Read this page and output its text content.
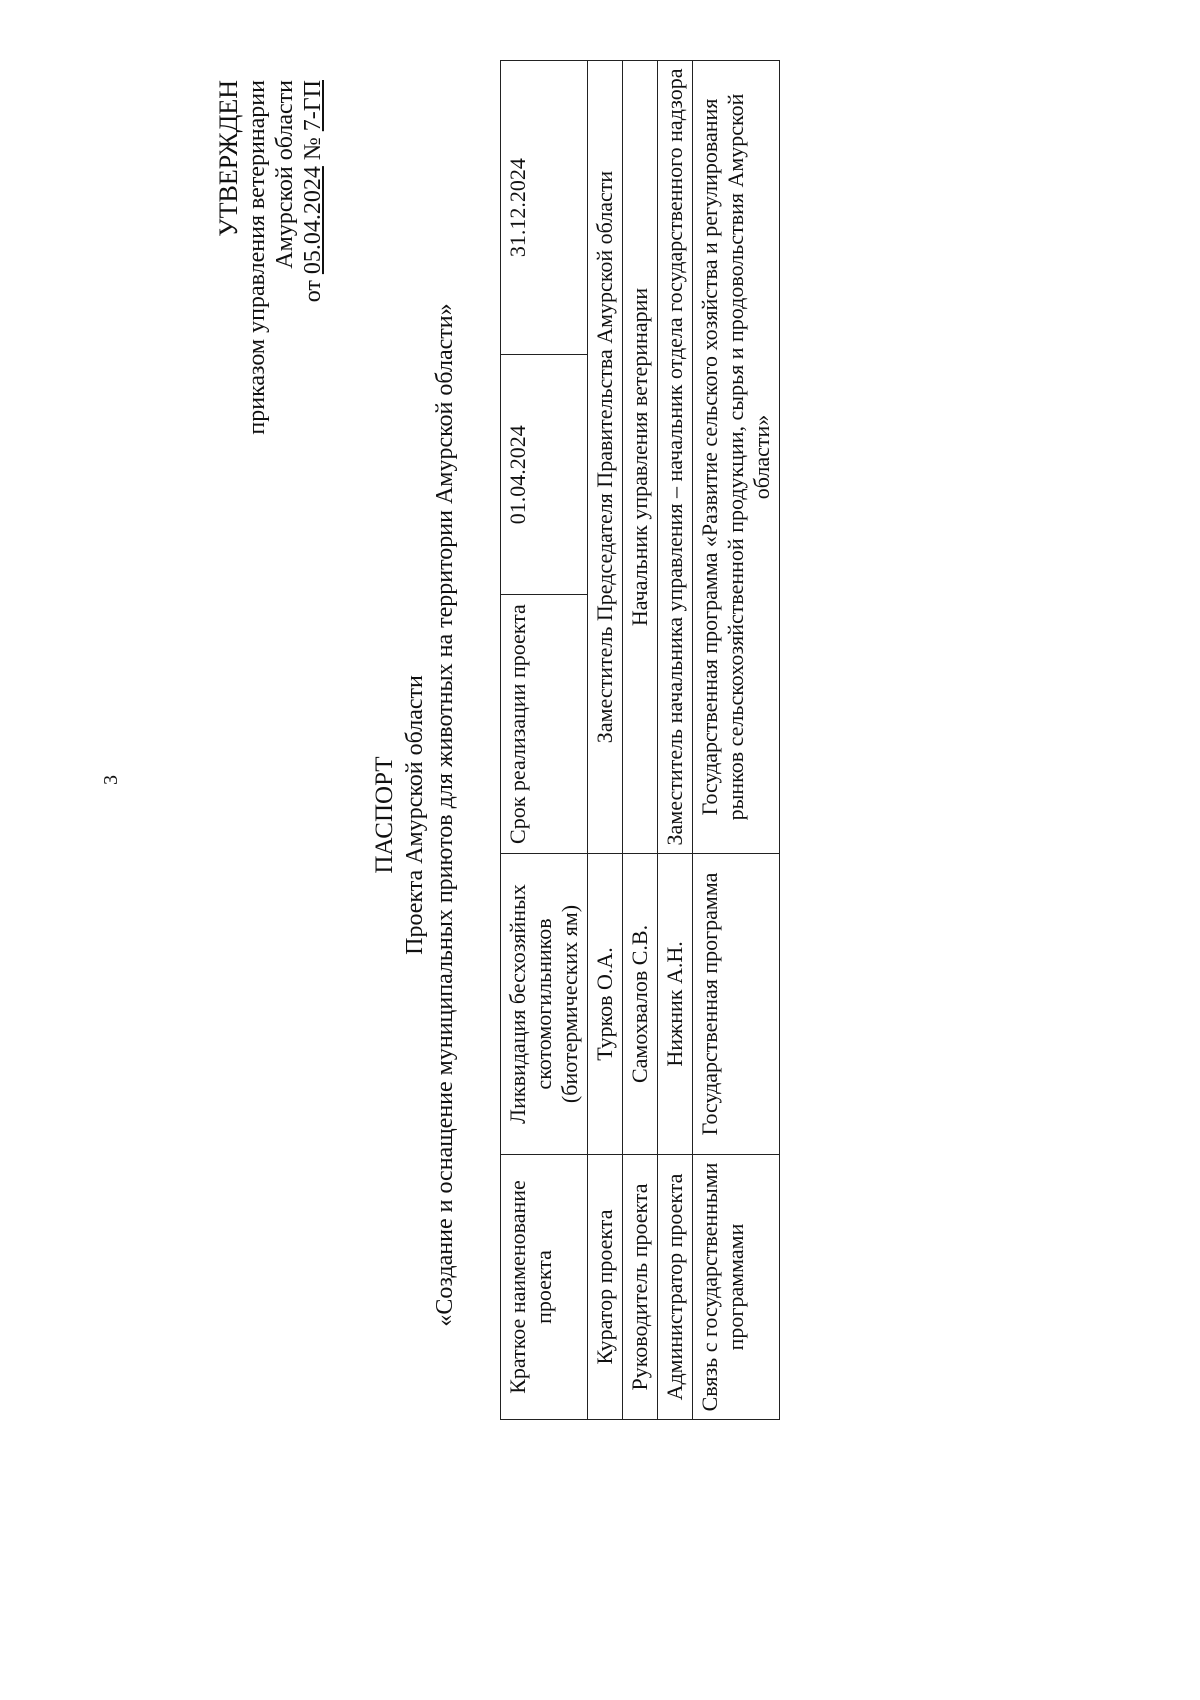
3
УТВЕРЖДЕН приказом управления ветеринарии Амурской области
от 05.04.2024 № 7-ГП
ПАСПОРТ Проекта Амурской области «Создание и оснащение муниципальных приютов для животных на территории Амурской области» Краткое наименование проекта	Ликвидация бесхозяйных скотомогильников (биотермических ям)	Срок реализации проекта	01.04.2024	31.12.2024
Куратор проекта	Турков О.А.	Заместитель Председателя Правительства Амурской области		
Руководитель проекта	Самохвалов С.В.	Начальник управления ветеринарии		
Администратор проекта	Нижник А.Н.	Заместитель начальника управления – начальник отдела государственного надзора		
Связь с государственными программами	Государственная программа	Государственная программа «Развитие сельского хозяйства и регулирования рынков сельскохозяйственной продукции, сырья и продовольствия Амурской области»		
